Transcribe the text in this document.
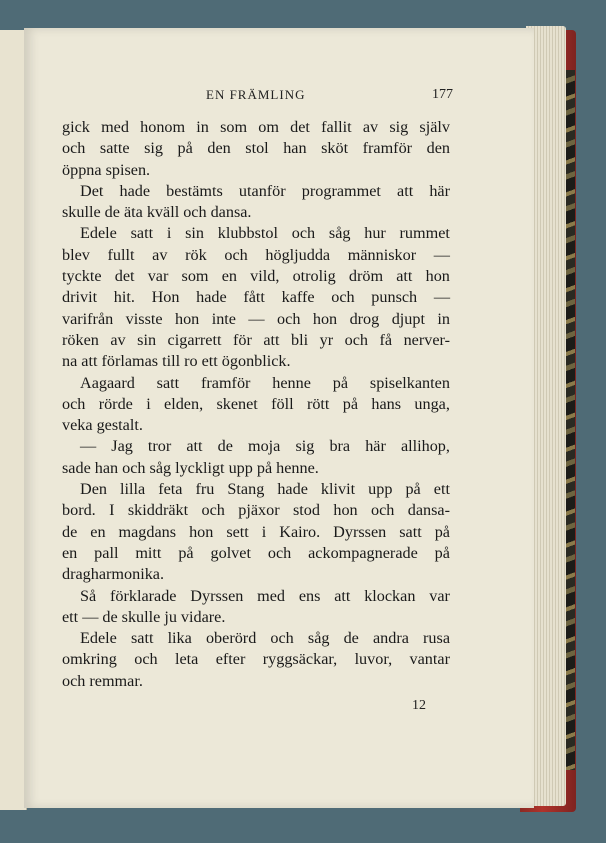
EN FRÄMLING	177
gick med honom in som om det fallit av sig själv
och satte sig på den stol han sköt framför den
öppna spisen.
Det hade bestämts utanför programmet att här
skulle de äta kväll och dansa.
Edele satt i sin klubbstol och såg hur rummet
blev fullt av rök och högljudda människor —
tyckte det var som en vild, otrolig dröm att hon
drivit hit. Hon hade fått kaffe och punsch —
varifrån visste hon inte — och hon drog djupt in
röken av sin cigarrett för att bli yr och få nerver-
na att förlamas till ro ett ögonblick.
Aagaard satt framför henne på spiselkanten
och rörde i elden, skenet föll rött på hans unga,
veka gestalt.
— Jag tror att de moja sig bra här allihop,
sade han och såg lyckligt upp på henne.
Den lilla feta fru Stang hade klivit upp på ett
bord. I skiddräkt och pjäxor stod hon och dansa-
de en magdans hon sett i Kairo. Dyrssen satt på
en pall mitt på golvet och ackompagnerade på
dragharmonika.
Så förklarade Dyrssen med ens att klockan var
ett — de skulle ju vidare.
Edele satt lika oberörd och såg de andra rusa
omkring och leta efter ryggsäckar, luvor, vantar
och remmar.
12
